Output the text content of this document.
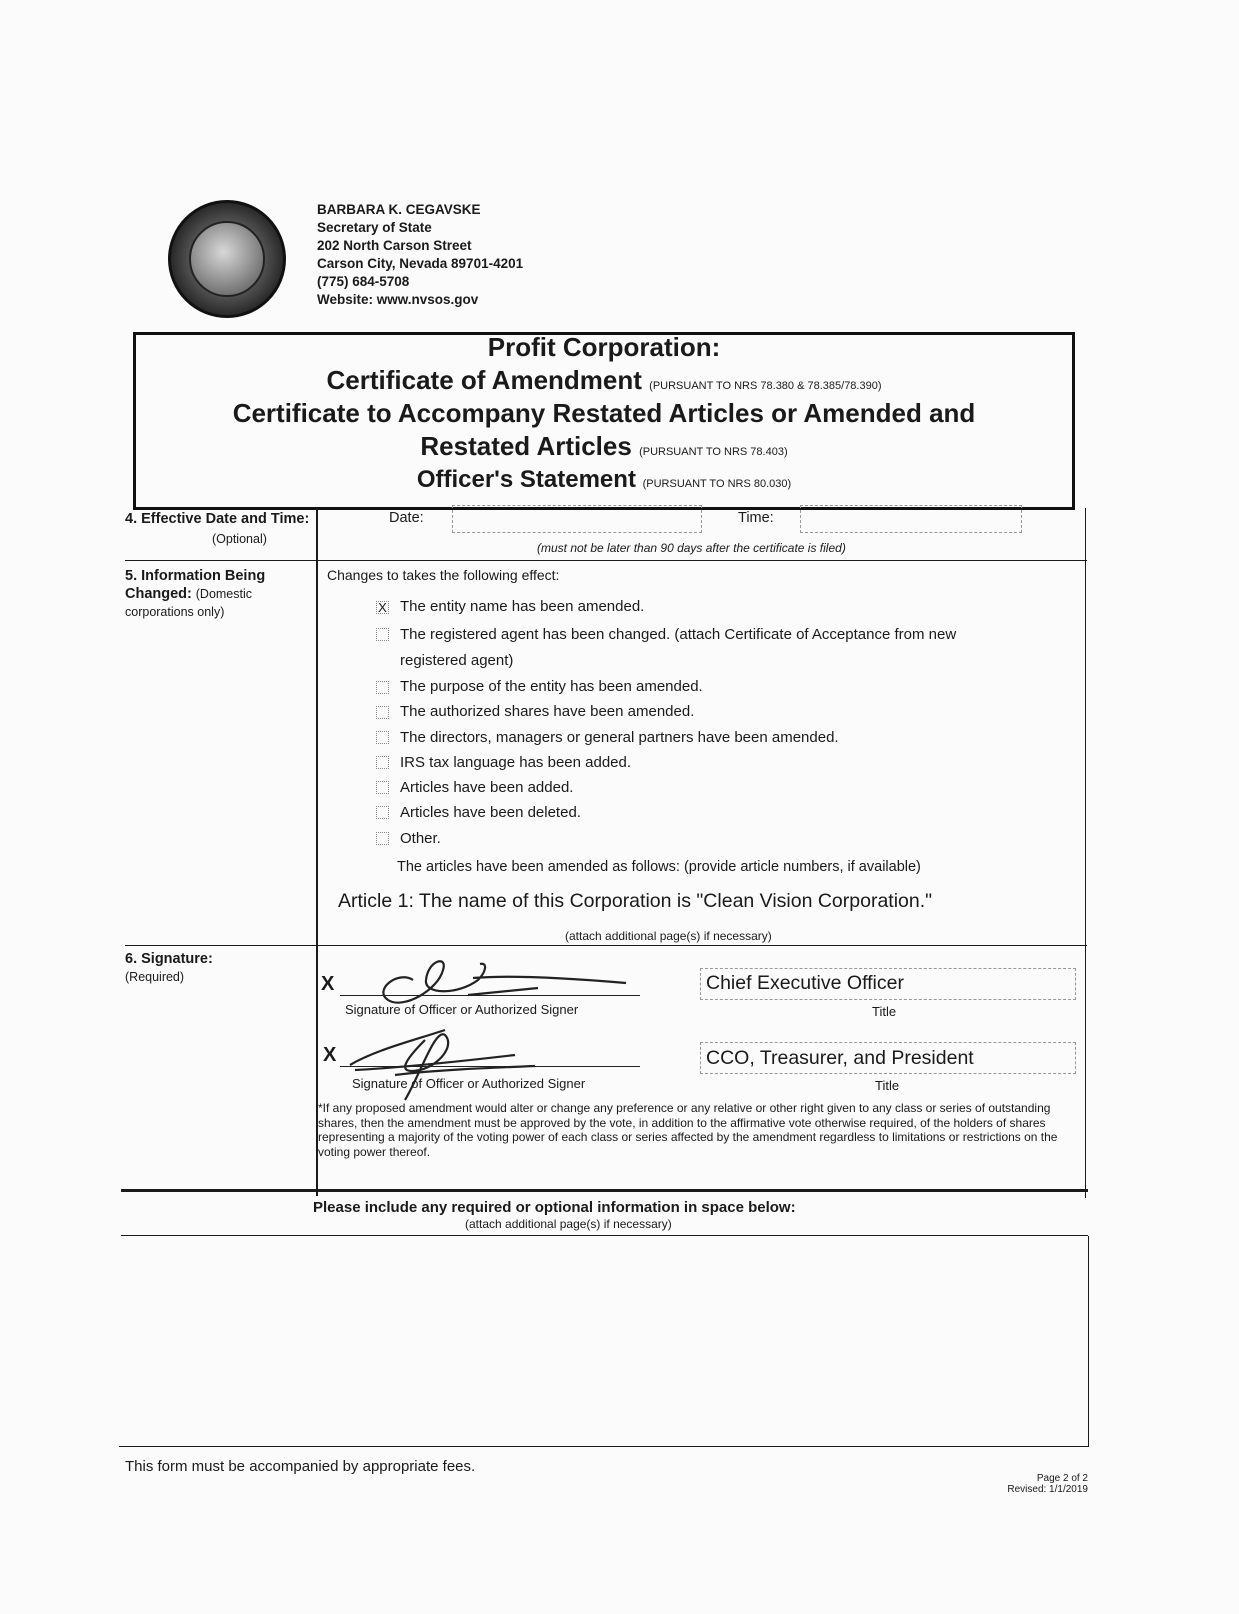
BARBARA K. CEGAVSKE
Secretary of State
202 North Carson Street
Carson City, Nevada 89701-4201
(775) 684-5708
Website: www.nvsos.gov
Profit Corporation:
Certificate of Amendment (PURSUANT TO NRS 78.380 & 78.385/78.390)
Certificate to Accompany Restated Articles or Amended and
Restated Articles (PURSUANT TO NRS 78.403)
Officer's Statement (PURSUANT TO NRS 80.030)
4. Effective Date and Time:
(Optional)
Date:	Time:
(must not be later than 90 days after the certificate is filed)
5. Information Being Changed: (Domestic corporations only)
Changes to takes the following effect:
X The entity name has been amended.
The registered agent has been changed. (attach Certificate of Acceptance from new
registered agent)
The purpose of the entity has been amended.
The authorized shares have been amended.
The directors, managers or general partners have been amended.
IRS tax language has been added.
Articles have been added.
Articles have been deleted.
Other.
The articles have been amended as follows: (provide article numbers, if available)
Article 1: The name of this Corporation is "Clean Vision Corporation."
(attach additional page(s) if necessary)
6. Signature:
(Required)	X
Signature of Officer or Authorized Signer
Chief Executive Officer
Title
X
Signature of Officer or Authorized Signer
CCO, Treasurer, and President
Title
*If any proposed amendment would alter or change any preference or any relative or other right given to any class or series of outstanding shares, then the amendment must be approved by the vote, in addition to the affirmative vote otherwise required, of the holders of shares representing a majority of the voting power of each class or series affected by the amendment regardless to limitations or restrictions on the voting power thereof.
Please include any required or optional information in space below:
(attach additional page(s) if necessary)
This form must be accompanied by appropriate fees.
Page 2 of 2
Revised: 1/1/2019
